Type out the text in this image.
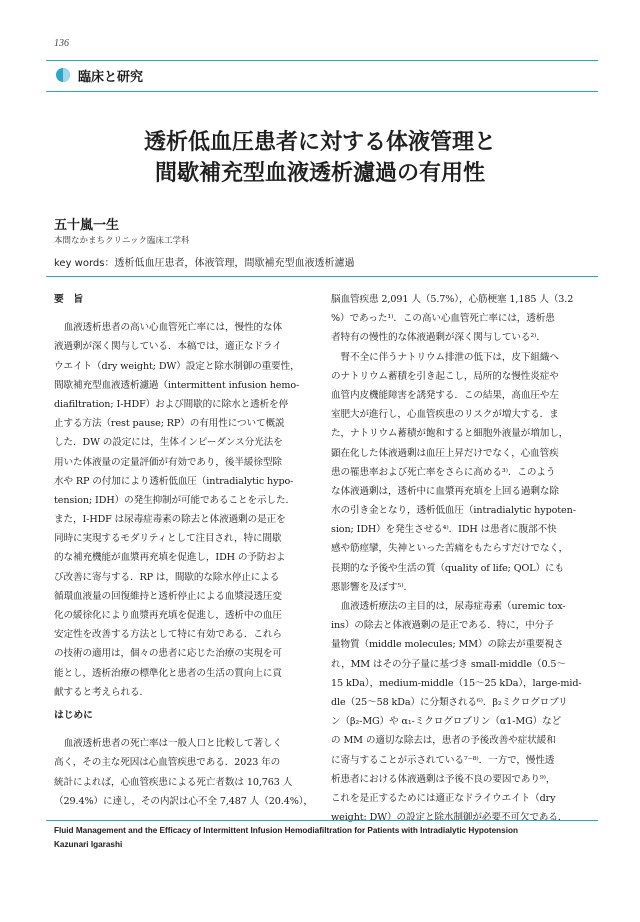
136
臨床と研究
透析低血圧患者に対する体液管理と
間歇補充型血液透析濾過の有用性
五十嵐一生
本間なかまちクリニック臨床工学科
key words：透析低血圧患者，体液管理，間歇補充型血液透析濾過
要　旨
血液透析患者の高い心血管死亡率には，慢性的な体
液過剰が深く関与している．本稿では，適正なドライ
ウエイト（dry weight; DW）設定と除水制御の重要性，
間歇補充型血液透析濾過（intermittent infusion hemo-
diafiltration; I-HDF）および間歇的に除水と透析を停
止する方法（rest pause; RP）の有用性について概説
した．DW の設定には，生体インピーダンス分光法を
用いた体液量の定量評価が有効であり，後半緩徐型除
水や RP の付加により透析低血圧（intradialytic hypo-
tension; IDH）の発生抑制が可能であることを示した．
また，I-HDF は尿毒症毒素の除去と体液過剰の是正を
同時に実現するモダリティとして注目され，特に間歇
的な補充機能が血漿再充填を促進し，IDH の予防およ
び改善に寄与する．RP は，間歇的な除水停止による
循環血液量の回復維持と透析停止による血漿浸透圧変
化の緩徐化により血漿再充填を促進し，透析中の血圧
安定性を改善する方法として特に有効である．これら
の技術の適用は，個々の患者に応じた治療の実現を可
能とし，透析治療の標準化と患者の生活の質向上に貢
献すると考えられる．
はじめに
血液透析患者の死亡率は一般人口と比較して著しく
高く，その主な死因は心血管疾患である．2023 年の
統計によれば，心血管疾患による死亡者数は 10,763 人
（29.4%）に達し，その内訳は心不全 7,487 人（20.4%），
脳血管疾患 2,091 人（5.7%），心筋梗塞 1,185 人（3.2
%）であった¹⁾．この高い心血管死亡率には，透析患
者特有の慢性的な体液過剰が深く関与している²⁾．
腎不全に伴うナトリウム排泄の低下は，皮下組織へ
のナトリウム蓄積を引き起こし，局所的な慢性炎症や
血管内皮機能障害を誘発する．この結果，高血圧や左
室肥大が進行し，心血管疾患のリスクが増大する．ま
た，ナトリウム蓄積が飽和すると細胞外液量が増加し，
顕在化した体液過剰は血圧上昇だけでなく，心血管疾
患の罹患率および死亡率をさらに高める³⁾．このよう
な体液過剰は，透析中に血漿再充填を上回る過剰な除
水の引き金となり，透析低血圧（intradialytic hypoten-
sion; IDH）を発生させる⁴⁾．IDH は患者に腹部不快
感や筋痙攣，失神といった苦痛をもたらすだけでなく，
長期的な予後や生活の質（quality of life; QOL）にも
悪影響を及ぼす⁵⁾．
血液透析療法の主目的は，尿毒症毒素（uremic tox-
ins）の除去と体液過剰の是正である．特に，中分子
量物質（middle molecules; MM）の除去が重要視さ
れ，MM はその分子量に基づき small-middle（0.5～
15 kDa），medium-middle（15～25 kDa），large-mid-
dle（25～58 kDa）に分類される⁶⁾．β₂ミクログロブリ
ン（β₂-MG）や α₁-ミクログロブリン（α1-MG）など
の MM の適切な除去は，患者の予後改善や症状緩和
に寄与することが示されている⁷⁻⁸⁾．一方で，慢性透
析患者における体液過剰は予後不良の要因であり⁹⁾，
これを是正するためには適正なドライウエイト（dry
weight; DW）の設定と除水制御が必要不可欠である．
Fluid Management and the Efficacy of Intermittent Infusion Hemodiafiltration for Patients with Intradialytic Hypotension
Kazunari Igarashi
